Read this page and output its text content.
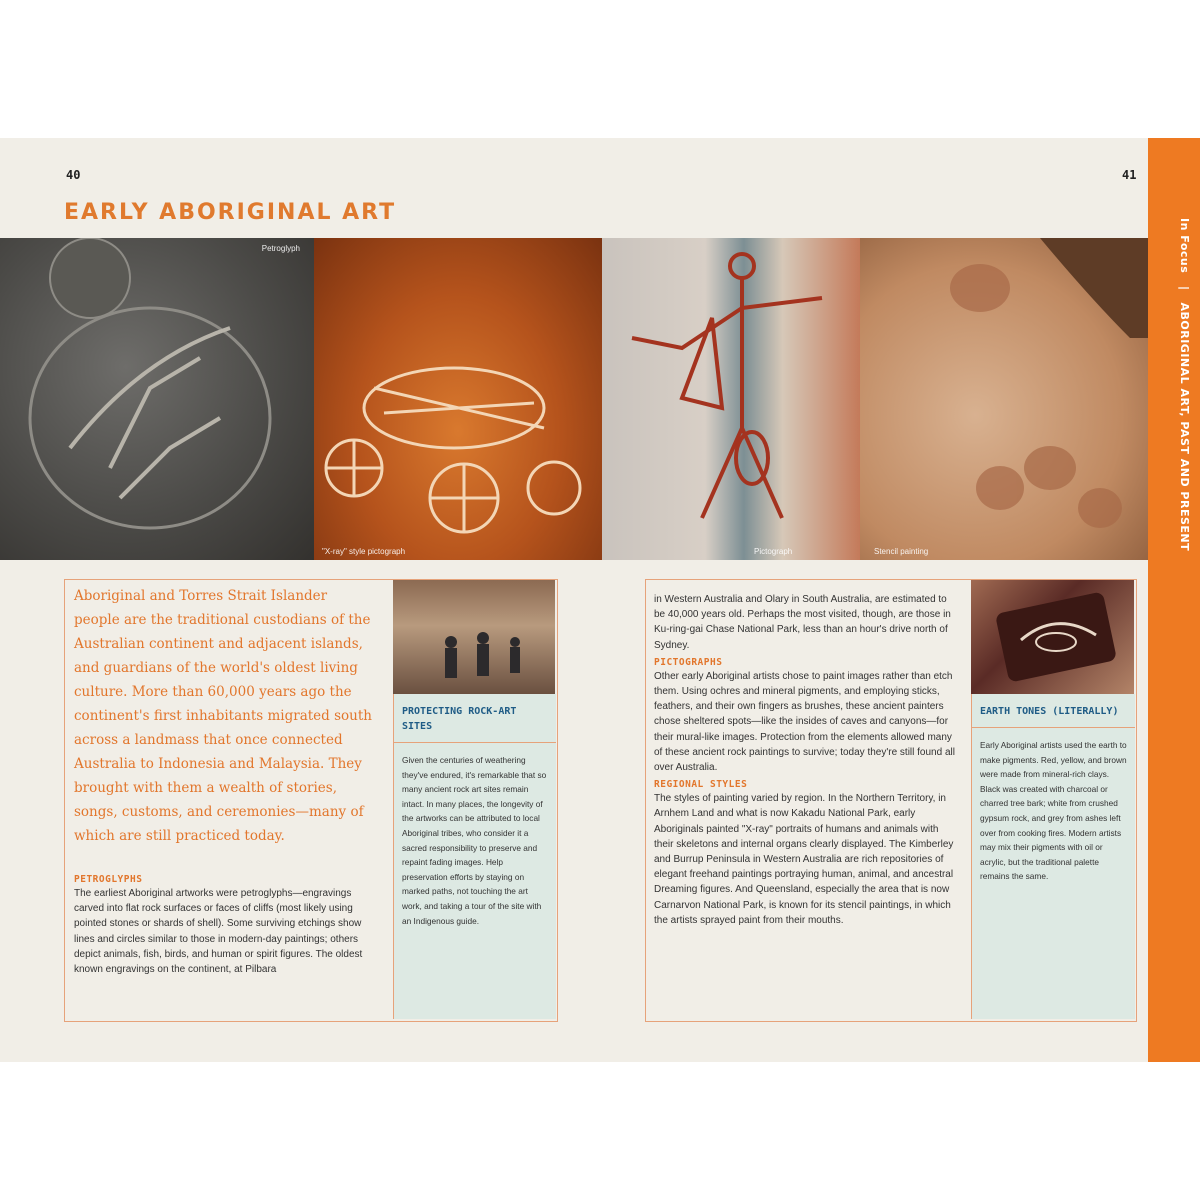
40	41
EARLY ABORIGINAL ART
In Focus | ABORIGINAL ART, PAST AND PRESENT
Petroglyph
"X-ray" style pictograph	Pictograph	Stencil painting
Aboriginal and Torres Strait Islander people are the traditional custodians of the Australian continent and adjacent islands, and guardians of the world's oldest living culture. More than 60,000 years ago the continent's first inhabitants migrated south across a landmass that once connected Australia to Indonesia and Malaysia. They brought with them a wealth of stories, songs, customs, and ceremonies—many of which are still practiced today.
PETROGLYPHS
The earliest Aboriginal artworks were petroglyphs—engravings carved into flat rock surfaces or faces of cliffs (most likely using pointed stones or shards of shell). Some surviving etchings show lines and circles similar to those in modern-day paintings; others depict animals, fish, birds, and human or spirit figures. The oldest known engravings on the continent, at Pilbara
PROTECTING ROCK-ART SITES
Given the centuries of weathering they've endured, it's remarkable that so many ancient rock art sites remain intact. In many places, the longevity of the artworks can be attributed to local Aboriginal tribes, who consider it a sacred responsibility to preserve and repaint fading images. Help preservation efforts by staying on marked paths, not touching the art work, and taking a tour of the site with an Indigenous guide.
in Western Australia and Olary in South Australia, are estimated to be 40,000 years old. Perhaps the most visited, though, are those in Ku-ring-gai Chase National Park, less than an hour's drive north of Sydney.
PICTOGRAPHS
Other early Aboriginal artists chose to paint images rather than etch them. Using ochres and mineral pigments, and employing sticks, feathers, and their own fingers as brushes, these ancient painters chose sheltered spots—like the insides of caves and canyons—for their mural-like images. Protection from the elements allowed many of these ancient rock paintings to survive; today they're still found all over Australia.
REGIONAL STYLES
The styles of painting varied by region. In the Northern Territory, in Arnhem Land and what is now Kakadu National Park, early Aboriginals painted "X-ray" portraits of humans and animals with their skeletons and internal organs clearly displayed. The Kimberley and Burrup Peninsula in Western Australia are rich repositories of elegant freehand paintings portraying human, animal, and ancestral Dreaming figures. And Queensland, especially the area that is now Carnarvon National Park, is known for its stencil paintings, in which the artists sprayed paint from their mouths.
EARTH TONES (LITERALLY)
Early Aboriginal artists used the earth to make pigments. Red, yellow, and brown were made from mineral-rich clays. Black was created with charcoal or charred tree bark; white from crushed gypsum rock, and grey from ashes left over from cooking fires. Modern artists may mix their pigments with oil or acrylic, but the traditional palette remains the same.
